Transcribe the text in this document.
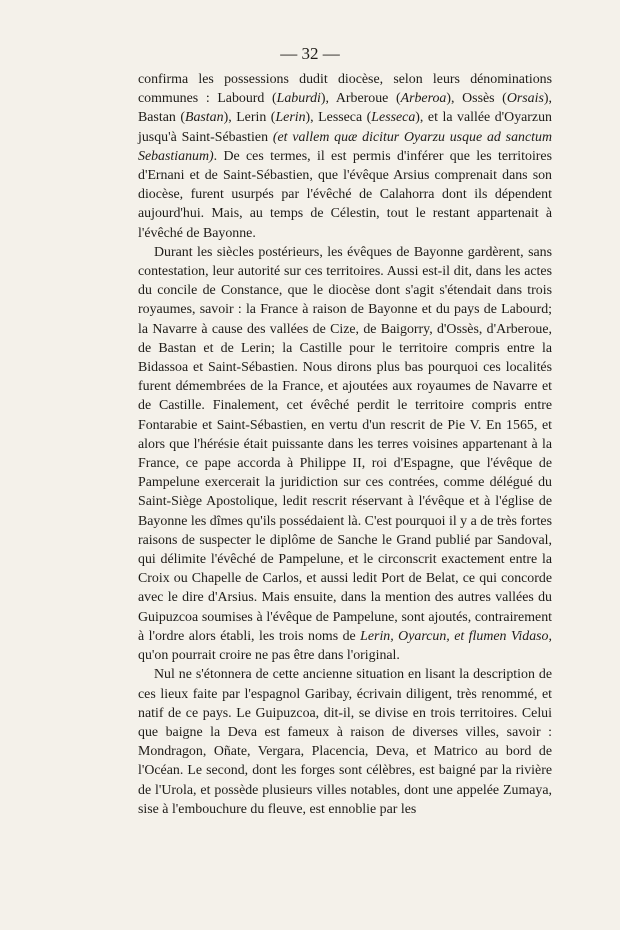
— 32 —

confirma les possessions dudit diocèse, selon leurs dénominations communes : Labourd (Laburdi), Arberoue (Arberoa), Ossès (Orsais), Bastan (Bastan), Lerin (Lerin), Lesseca (Lesseca), et la vallée d'Oyarzun jusqu'à Saint-Sébastien (et vallem quæ dicitur Oyarzu usque ad sanctum Sebastianum). De ces termes, il est permis d'inférer que les territoires d'Ernani et de Saint-Sébastien, que l'évêque Arsius comprenait dans son diocèse, furent usurpés par l'évêché de Calahorra dont ils dépendent aujourd'hui. Mais, au temps de Célestin, tout le restant appartenait à l'évêché de Bayonne.

Durant les siècles postérieurs, les évêques de Bayonne gardèrent, sans contestation, leur autorité sur ces territoires. Aussi est-il dit, dans les actes du concile de Constance, que le diocèse dont s'agit s'étendait dans trois royaumes, savoir : la France à raison de Bayonne et du pays de Labourd; la Navarre à cause des vallées de Cize, de Baigorry, d'Ossès, d'Arberoue, de Bastan et de Lerin; la Castille pour le territoire compris entre la Bidassoa et Saint-Sébastien. Nous dirons plus bas pourquoi ces localités furent démembrées de la France, et ajoutées aux royaumes de Navarre et de Castille. Finalement, cet évêché perdit le territoire compris entre Fontarabie et Saint-Sébastien, en vertu d'un rescrit de Pie V. En 1565, et alors que l'hérésie était puissante dans les terres voisines appartenant à la France, ce pape accorda à Philippe II, roi d'Espagne, que l'évêque de Pampelune exercerait la juridiction sur ces contrées, comme délégué du Saint-Siège Apostolique, ledit rescrit réservant à l'évêque et à l'église de Bayonne les dîmes qu'ils possédaient là. C'est pourquoi il y a de très fortes raisons de suspecter le diplôme de Sanche le Grand publié par Sandoval, qui délimite l'évêché de Pampelune, et le circonscrit exactement entre la Croix ou Chapelle de Carlos, et aussi ledit Port de Belat, ce qui concorde avec le dire d'Arsius. Mais ensuite, dans la mention des autres vallées du Guipuzcoa soumises à l'évêque de Pampelune, sont ajoutés, contrairement à l'ordre alors établi, les trois noms de Lerin, Oyarcun, et flumen Vidaso, qu'on pourrait croire ne pas être dans l'original.

Nul ne s'étonnera de cette ancienne situation en lisant la description de ces lieux faite par l'espagnol Garibay, écrivain diligent, très renommé, et natif de ce pays. Le Guipuzcoa, dit-il, se divise en trois territoires. Celui que baigne la Deva est fameux à raison de diverses villes, savoir : Mondragon, Oñate, Vergara, Placencia, Deva, et Matrico au bord de l'Océan. Le second, dont les forges sont célèbres, est baigné par la rivière de l'Urola, et possède plusieurs villes notables, dont une appelée Zumaya, sise à l'embouchure du fleuve, est ennoblie par les
